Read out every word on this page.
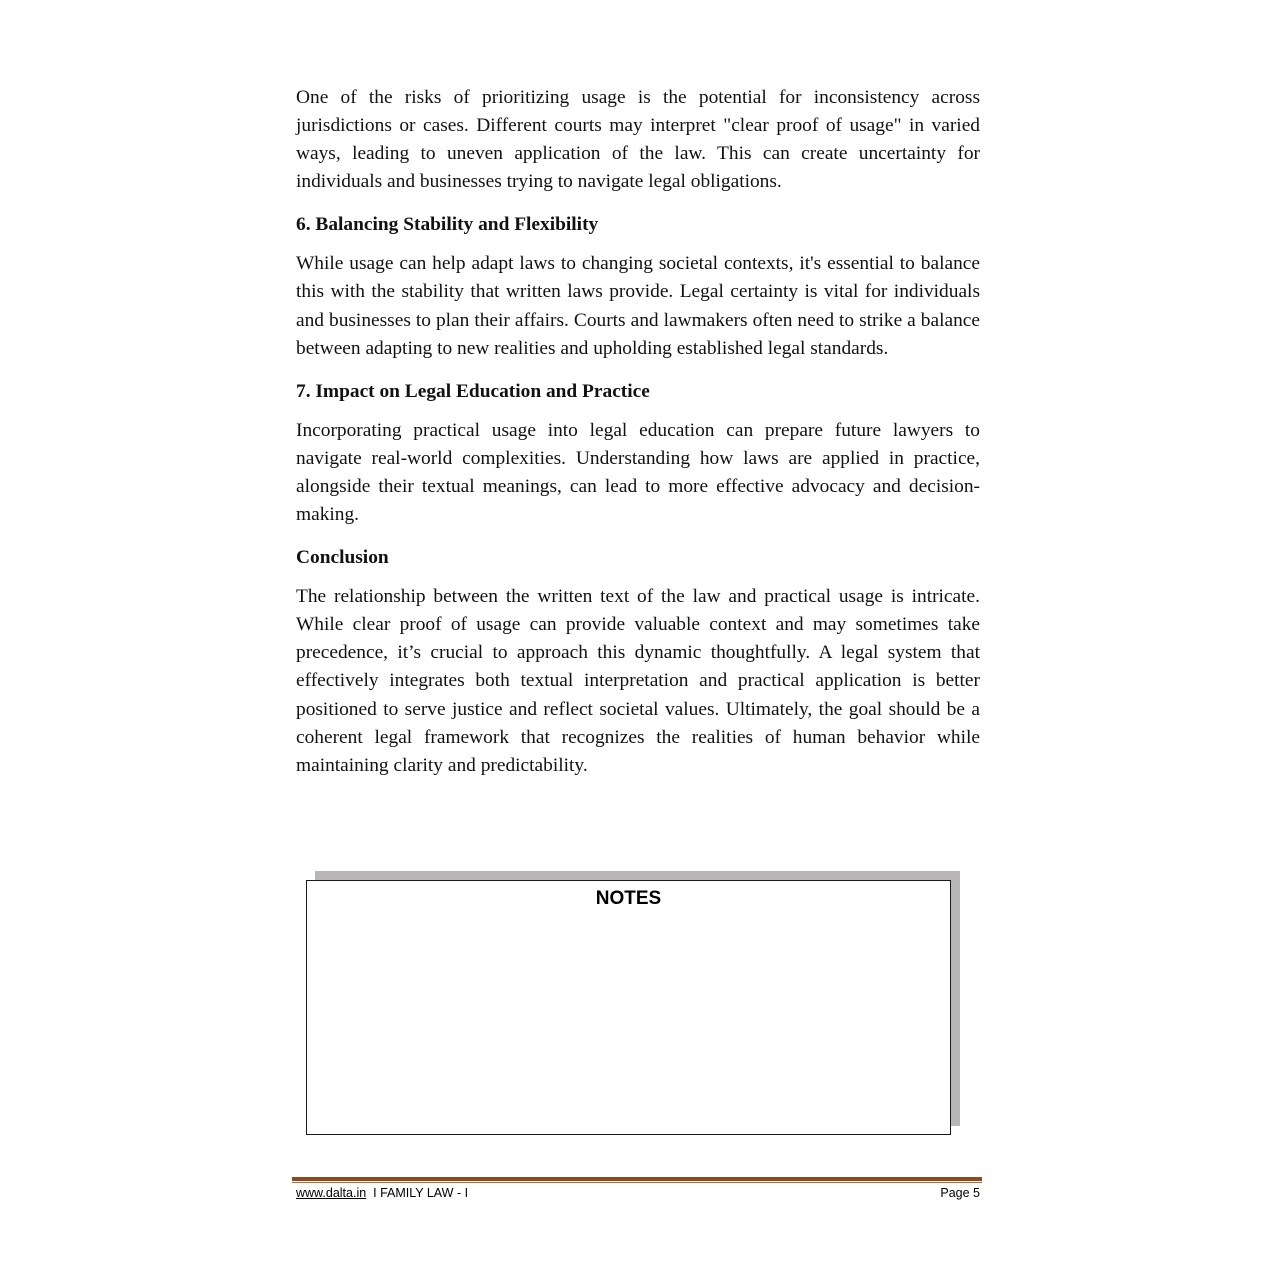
One of the risks of prioritizing usage is the potential for inconsistency across jurisdictions or cases. Different courts may interpret "clear proof of usage" in varied ways, leading to uneven application of the law. This can create uncertainty for individuals and businesses trying to navigate legal obligations.

6. Balancing Stability and Flexibility

While usage can help adapt laws to changing societal contexts, it's essential to balance this with the stability that written laws provide. Legal certainty is vital for individuals and businesses to plan their affairs. Courts and lawmakers often need to strike a balance between adapting to new realities and upholding established legal standards.

7. Impact on Legal Education and Practice

Incorporating practical usage into legal education can prepare future lawyers to navigate real-world complexities. Understanding how laws are applied in practice, alongside their textual meanings, can lead to more effective advocacy and decision-making.

Conclusion

The relationship between the written text of the law and practical usage is intricate. While clear proof of usage can provide valuable context and may sometimes take precedence, it’s crucial to approach this dynamic thoughtfully. A legal system that effectively integrates both textual interpretation and practical application is better positioned to serve justice and reflect societal values. Ultimately, the goal should be a coherent legal framework that recognizes the realities of human behavior while maintaining clarity and predictability.

NOTES
www.dalta.in  I FAMILY LAW - I	Page 5
